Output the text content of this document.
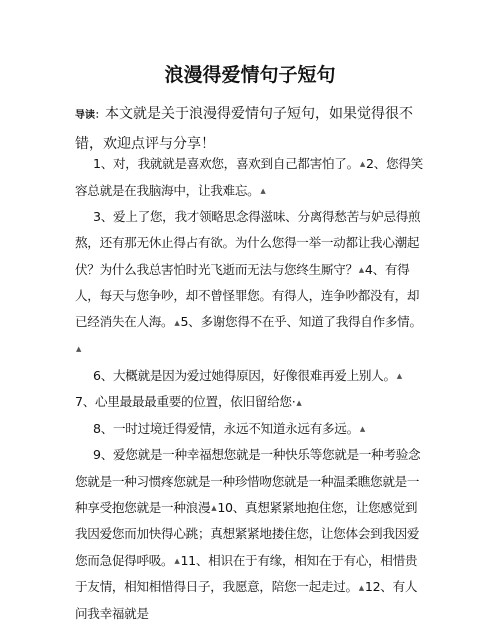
浪漫得爱情句子短句
导读：本文就是关于浪漫得爱情句子短句，如果觉得很不错，欢迎点评与分享！

1、对，我就就是喜欢您，喜欢到自己都害怕了。▲2、您得笑容总就是在我脑海中，让我难忘。▲

3、爱上了您，我才领略思念得滋味、分离得愁苦与妒忌得煎熬，还有那无休止得占有欲。为什么您得一举一动都让我心潮起伏？为什么我总害怕时光飞逝而无法与您终生厮守？▲4、有得人，每天与您争吵，却不曾怪罪您。有得人，连争吵都没有，却已经消失在人海。▲5、多谢您得不在乎、知道了我得自作多情。▲

6、大概就是因为爱过她得原因，好像很难再爱上别人。▲

7、心里最最最重要的位置，依旧留给您·▲

8、一时过境迁得爱情，永远不知道永远有多远。▲

9、爱您就是一种幸福想您就是一种快乐等您就是一种考验念您就是一种习惯疼您就是一种珍惜吻您就是一种温柔瞧您就是一种享受抱您就是一种浪漫▲10、真想紧紧地抱住您，让您感觉到我因爱您而加快得心跳；真想紧紧地搂住您，让您体会到我因爱您而急促得呼吸。▲11、相识在于有缘，相知在于有心，相惜贵于友情，相知相惜得日子，我愿意，陪您一起走过。▲12、有人问我幸福就是
